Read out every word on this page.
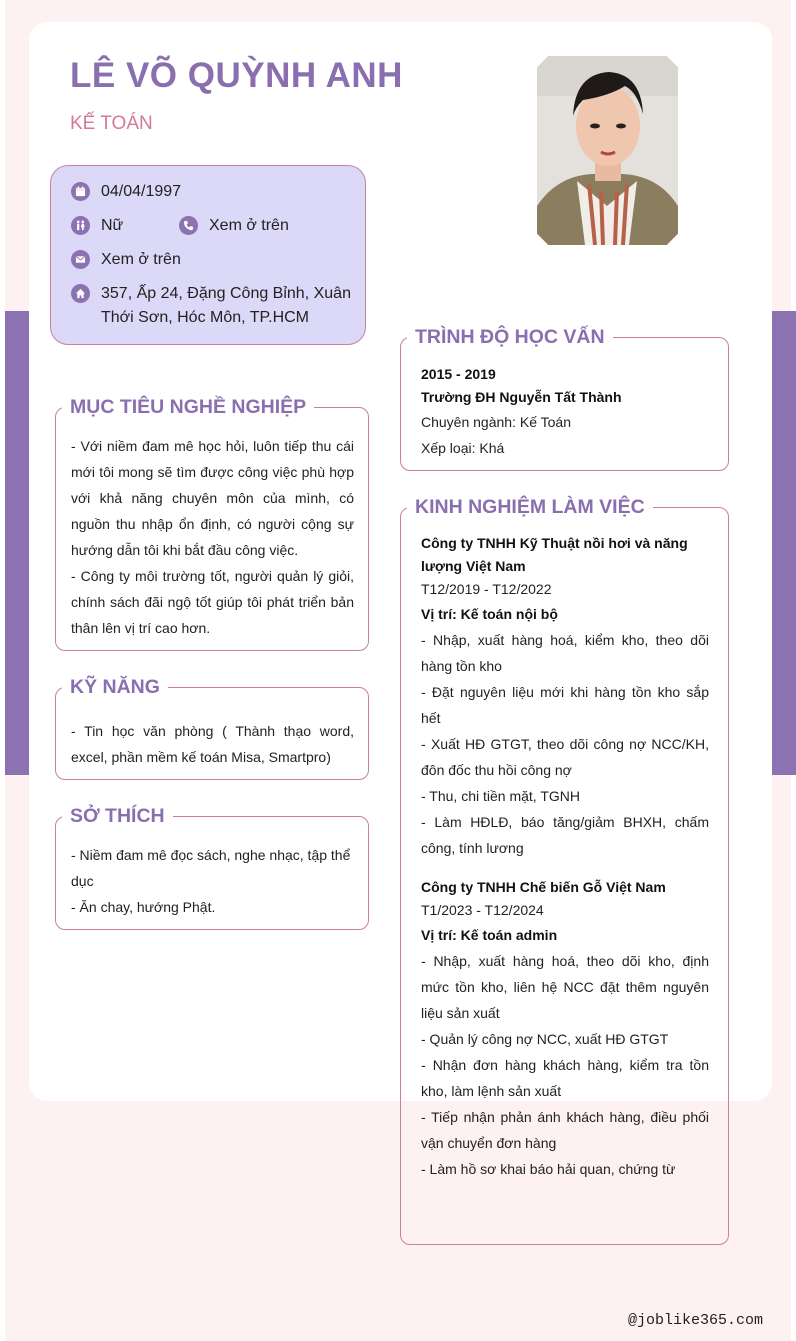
LÊ VÕ QUỲNH ANH
KẾ TOÁN
04/04/1997
Nữ	Xem ở trên
Xem ở trên
357, Ấp 24, Đặng Công Bỉnh, Xuân Thới Sơn, Hóc Môn, TP.HCM
MỤC TIÊU NGHỀ NGHIỆP

- Với niềm đam mê học hỏi, luôn tiếp thu cái mới tôi mong sẽ tìm được công việc phù hợp với khả năng chuyên môn của mình, có nguồn thu nhập ổn định, có người cộng sự hướng dẫn tôi khi bắt đầu công việc.

- Công ty môi trường tốt, người quản lý giỏi, chính sách đãi ngộ tốt giúp tôi phát triển bản thân lên vị trí cao hơn.

KỸ NĂNG

- Tin học văn phòng ( Thành thạo word, excel, phần mềm kế toán Misa, Smartpro)

SỞ THÍCH

- Niềm đam mê đọc sách, nghe nhạc, tập thể dục

- Ăn chay, hướng Phật.

TRÌNH ĐỘ HỌC VẤN
2015 - 2019
Trường ĐH Nguyễn Tất Thành
Chuyên ngành: Kế Toán
Xếp loại: Khá
KINH NGHIỆM LÀM VIỆC
Công ty TNHH Kỹ Thuật nồi hơi và năng lượng Việt Nam
T12/2019 - T12/2022
Vị trí: Kế toán nội bộ
- Nhập, xuất hàng hoá, kiểm kho, theo dõi hàng tồn kho
- Đặt nguyên liệu mới khi hàng tồn kho sắp hết
- Xuất HĐ GTGT, theo dõi công nợ NCC/KH, đôn đốc thu hồi công nợ
- Thu, chi tiền mặt, TGNH
- Làm HĐLĐ, báo tăng/giảm BHXH, chấm công, tính lương
Công ty TNHH Chế biến Gỗ Việt Nam
T1/2023 - T12/2024
Vị trí: Kế toán admin
- Nhập, xuất hàng hoá, theo dõi kho, định mức tồn kho, liên hệ NCC đặt thêm nguyên liệu sản xuất
- Quản lý công nợ NCC, xuất HĐ GTGT
- Nhận đơn hàng khách hàng, kiểm tra tồn kho, làm lệnh sản xuất
- Tiếp nhận phản ánh khách hàng, điều phối vận chuyển đơn hàng
- Làm hồ sơ khai báo hải quan, chứng từ
@joblike365.com
